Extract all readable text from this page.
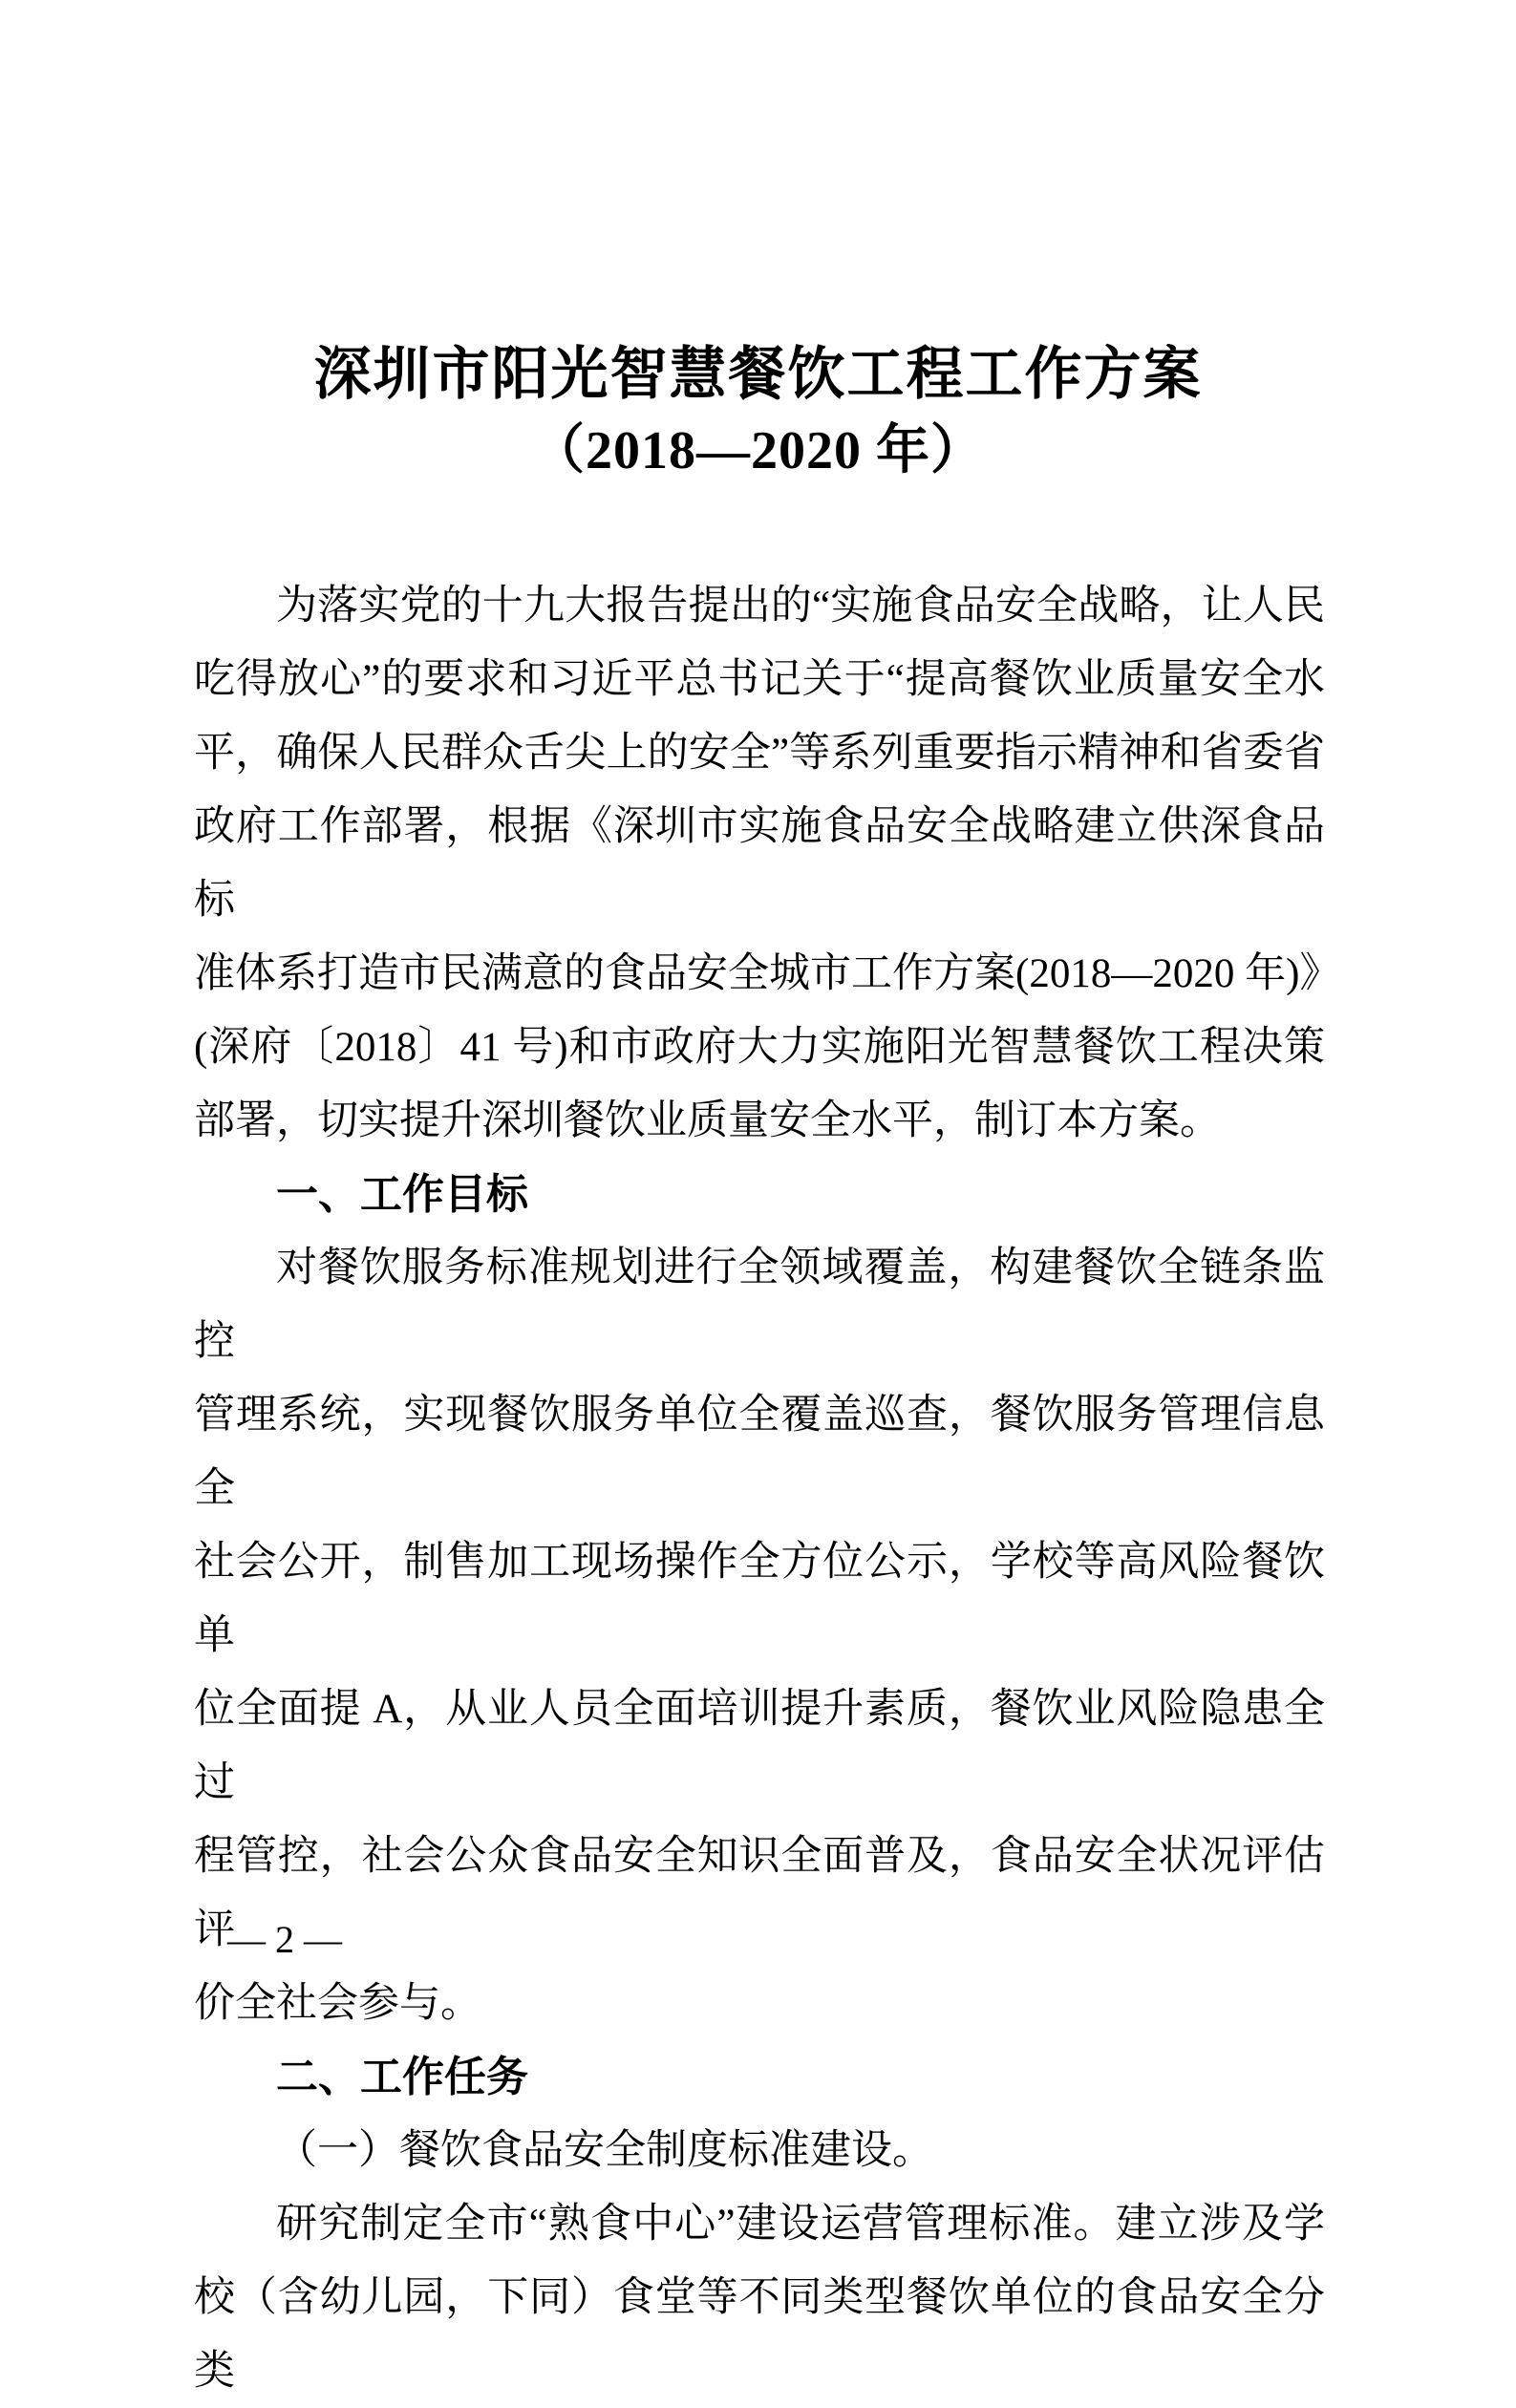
深圳市阳光智慧餐饮工程工作方案
（2018—2020 年）
为落实党的十九大报告提出的“实施食品安全战略，让人民
吃得放心”的要求和习近平总书记关于“提高餐饮业质量安全水
平，确保人民群众舌尖上的安全”等系列重要指示精神和省委省
政府工作部署，根据《深圳市实施食品安全战略建立供深食品标
准体系打造市民满意的食品安全城市工作方案(2018—2020 年)》
(深府〔2018〕41 号)和市政府大力实施阳光智慧餐饮工程决策
部署，切实提升深圳餐饮业质量安全水平，制订本方案。
一、工作目标
对餐饮服务标准规划进行全领域覆盖，构建餐饮全链条监控
管理系统，实现餐饮服务单位全覆盖巡查，餐饮服务管理信息全
社会公开，制售加工现场操作全方位公示，学校等高风险餐饮单
位全面提 A，从业人员全面培训提升素质，餐饮业风险隐患全过
程管控，社会公众食品安全知识全面普及，食品安全状况评估评
价全社会参与。
二、工作任务
（一）餐饮食品安全制度标准建设。
研究制定全市“熟食中心”建设运营管理标准。建立涉及学
校（含幼儿园，下同）食堂等不同类型餐饮单位的食品安全分类
— 2 —
